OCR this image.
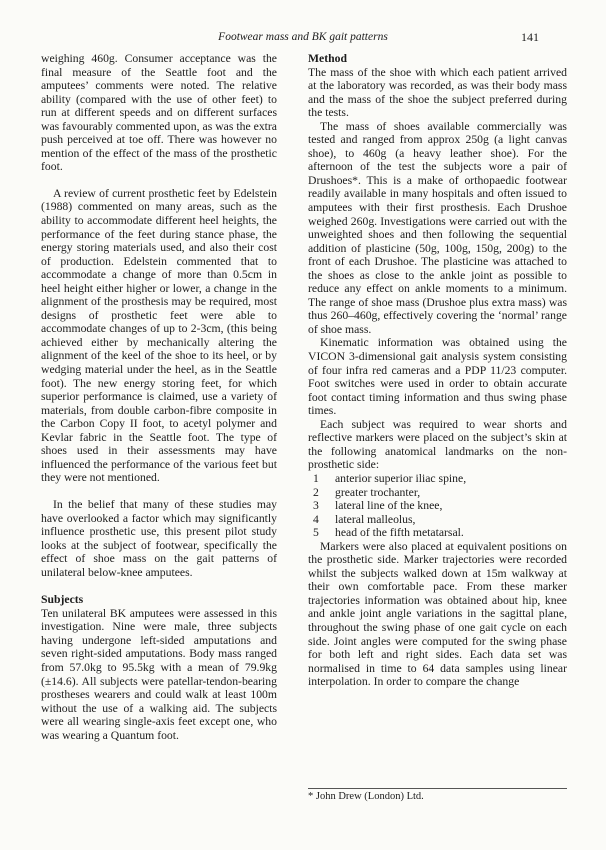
Footwear mass and BK gait patterns	141

weighing 460g. Consumer acceptance was the final measure of the Seattle foot and the amputees’ comments were noted. The relative ability (compared with the use of other feet) to run at different speeds and on different surfaces was favourably commented upon, as was the extra push perceived at toe off. There was however no mention of the effect of the mass of the prosthetic foot.

A review of current prosthetic feet by Edelstein (1988) commented on many areas, such as the ability to accommodate different heel heights, the performance of the feet during stance phase, the energy storing materials used, and also their cost of production. Edelstein commented that to accommodate a change of more than 0.5cm in heel height either higher or lower, a change in the alignment of the prosthesis may be required, most designs of prosthetic feet were able to accommodate changes of up to 2-3cm, (this being achieved either by mechanically altering the alignment of the keel of the shoe to its heel, or by wedging material under the heel, as in the Seattle foot). The new energy storing feet, for which superior performance is claimed, use a variety of materials, from double carbon-fibre composite in the Carbon Copy II foot, to acetyl polymer and Kevlar fabric in the Seattle foot. The type of shoes used in their assessments may have influenced the performance of the various feet but they were not mentioned.

In the belief that many of these studies may have overlooked a factor which may significantly influence prosthetic use, this present pilot study looks at the subject of footwear, specifically the effect of shoe mass on the gait patterns of unilateral below-knee amputees.

Subjects

Ten unilateral BK amputees were assessed in this investigation. Nine were male, three subjects having undergone left-sided amputations and seven right-sided amputations. Body mass ranged from 57.0kg to 95.5kg with a mean of 79.9kg (±14.6). All subjects were patellar-tendon-bearing prostheses wearers and could walk at least 100m without the use of a walking aid. The subjects were all wearing single-axis feet except one, who was wearing a Quantum foot.

Method

The mass of the shoe with which each patient arrived at the laboratory was recorded, as was their body mass and the mass of the shoe the subject preferred during the tests.

The mass of shoes available commercially was tested and ranged from approx 250g (a light canvas shoe), to 460g (a heavy leather shoe). For the afternoon of the test the subjects wore a pair of Drushoes*. This is a make of orthopaedic footwear readily available in many hospitals and often issued to amputees with their first prosthesis. Each Drushoe weighed 260g. Investigations were carried out with the unweighted shoes and then following the sequential addition of plasticine (50g, 100g, 150g, 200g) to the front of each Drushoe. The plasticine was attached to the shoes as close to the ankle joint as possible to reduce any effect on ankle moments to a minimum. The range of shoe mass (Drushoe plus extra mass) was thus 260–460g, effectively covering the ‘normal’ range of shoe mass.

Kinematic information was obtained using the VICON 3-dimensional gait analysis system consisting of four infra red cameras and a PDP 11/23 computer. Foot switches were used in order to obtain accurate foot contact timing information and thus swing phase times.

Each subject was required to wear shorts and reflective markers were placed on the subject’s skin at the following anatomical landmarks on the non-prosthetic side:

1	anterior superior iliac spine,
2	greater trochanter,
3	lateral line of the knee,
4	lateral malleolus,
5	head of the fifth metatarsal.

Markers were also placed at equivalent positions on the prosthetic side. Marker trajectories were recorded whilst the subjects walked down at 15m walkway at their own comfortable pace. From these marker trajectories information was obtained about hip, knee and ankle joint angle variations in the sagittal plane, throughout the swing phase of one gait cycle on each side. Joint angles were computed for the swing phase for both left and right sides. Each data set was normalised in time to 64 data samples using linear interpolation. In order to compare the change

* John Drew (London) Ltd.
